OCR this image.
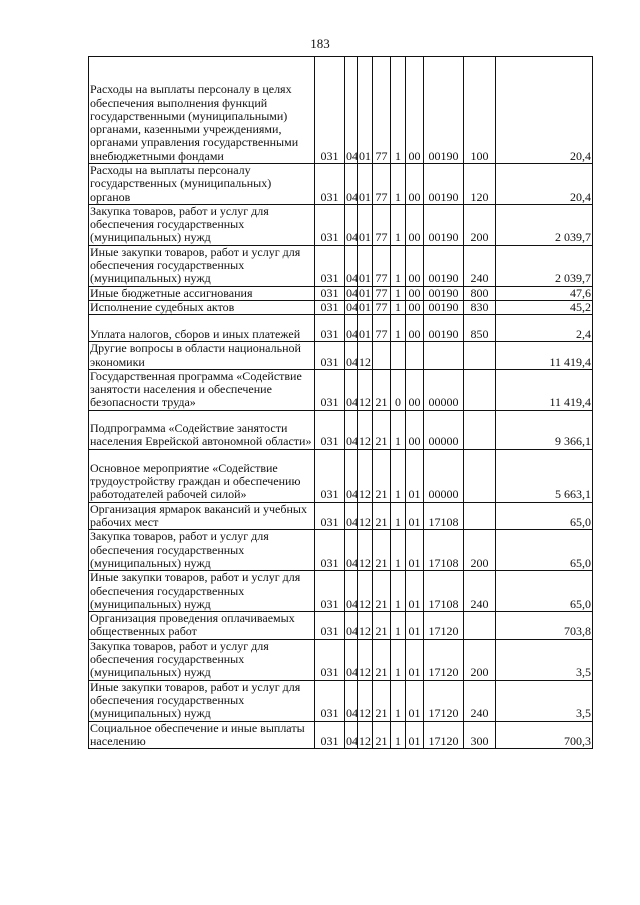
183
Расходы на выплаты персоналу в целях обеспечения выполнения функций государственными (муниципальными) органами, казенными учреждениями, органами управления государственными внебюджетными фондами	031	04	01	77	1	00	00190	100	20,4
Расходы на выплаты персоналу государственных (муниципальных) органов	031	04	01	77	1	00	00190	120	20,4
Закупка товаров, работ и услуг для обеспечения государственных (муниципальных) нужд	031	04	01	77	1	00	00190	200	2 039,7
Иные закупки товаров, работ и услуг для обеспечения государственных (муниципальных) нужд	031	04	01	77	1	00	00190	240	2 039,7
Иные бюджетные ассигнования	031	04	01	77	1	00	00190	800	47,6
Исполнение судебных актов	031	04	01	77	1	00	00190	830	45,2
Уплата налогов, сборов и иных платежей	031	04	01	77	1	00	00190	850	2,4
Другие вопросы в области национальной экономики	031	04	12						11 419,4
Государственная программа «Содействие занятости населения и обеспечение безопасности труда»	031	04	12	21	0	00	00000		11 419,4
Подпрограмма «Содействие занятости населения Еврейской автономной области»	031	04	12	21	1	00	00000		9 366,1
Основное мероприятие «Содействие трудоустройству граждан и обеспечению работодателей рабочей силой»	031	04	12	21	1	01	00000		5 663,1
Организация ярмарок вакансий и учебных рабочих мест	031	04	12	21	1	01	17108		65,0
Закупка товаров, работ и услуг для обеспечения государственных (муниципальных) нужд	031	04	12	21	1	01	17108	200	65,0
Иные закупки товаров, работ и услуг для обеспечения государственных (муниципальных) нужд	031	04	12	21	1	01	17108	240	65,0
Организация проведения оплачиваемых общественных работ	031	04	12	21	1	01	17120		703,8
Закупка товаров, работ и услуг для обеспечения государственных (муниципальных) нужд	031	04	12	21	1	01	17120	200	3,5
Иные закупки товаров, работ и услуг для обеспечения государственных (муниципальных) нужд	031	04	12	21	1	01	17120	240	3,5
Социальное обеспечение и иные выплаты населению	031	04	12	21	1	01	17120	300	700,3
